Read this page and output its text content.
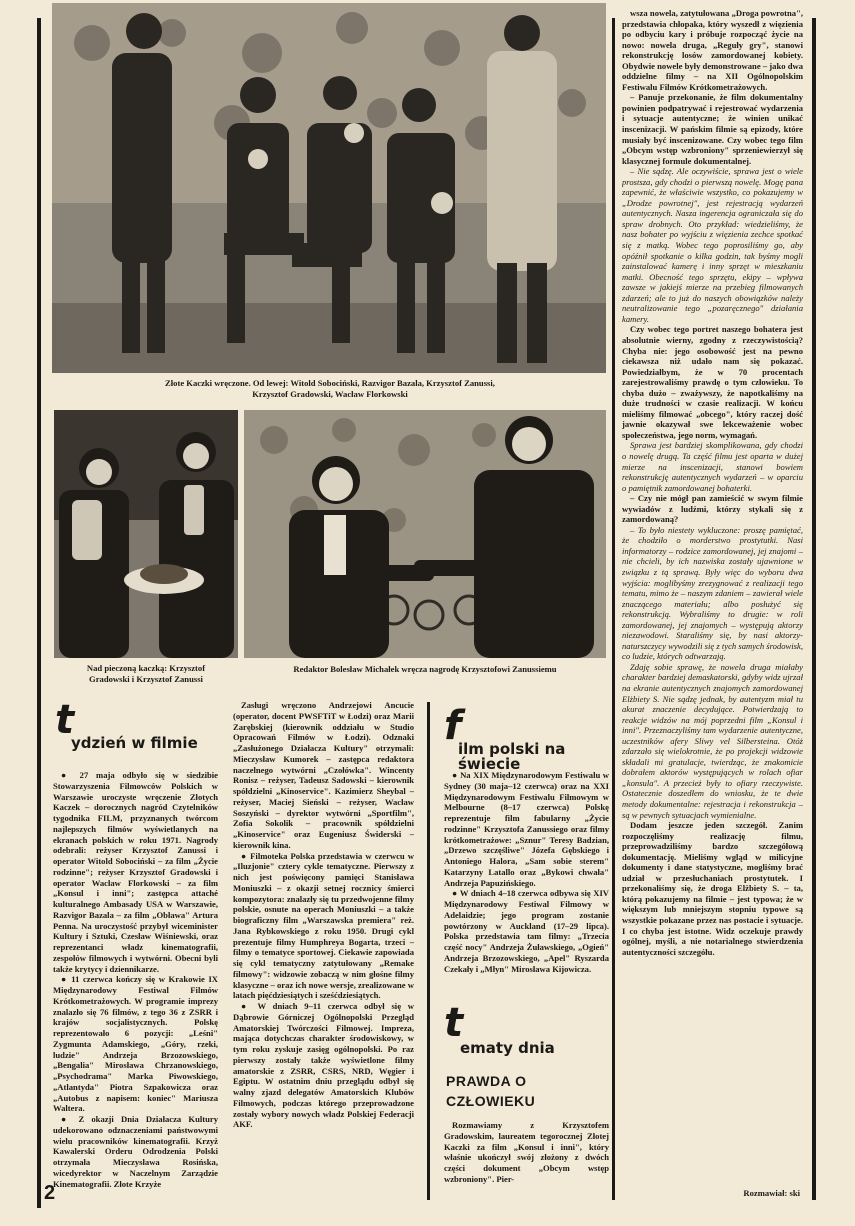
Złote Kaczki wręczone. Od lewej: Witold Sobociński, Razvigor Bazala, Krzysztof Zanussi, Krzysztof Gradowski, Wacław Florkowski
Nad pieczoną kaczką: Krzysztof Gradowski i Krzysztof Zanussi
Redaktor Bolesław Michałek wręcza nagrodę Krzysztofowi Zanussiemu
t
ydzień w filmie	f
ilm polski na świecie
t
ematy dnia
PRAWDA O CZŁOWIEKU

● 27 maja odbyło się w siedzibie Stowarzyszenia Filmowców Polskich w Warszawie uroczyste wręczenie Złotych Kaczek – dorocznych nagród Czytelników tygodnika FILM, przyznanych twórcom najlepszych filmów wyświetlanych na ekranach polskich w roku 1971. Nagrody odebrali: reżyser Krzysztof Zanussi i operator Witold Sobociński – za film „Życie rodzinne"; reżyser Krzysztof Gradowski i operator Wacław Florkowski – za film „Konsul i inni"; zastępca attaché kulturalnego Ambasady USA w Warszawie, Razvigor Bazala – za film „Obława" Artura Penna. Na uroczystość przybył wiceminister Kultury i Sztuki, Czesław Wiśniewski, oraz reprezentanci władz kinematografii, zespołów filmowych i wytwórni. Obecni byli także krytycy i dziennikarze.

● 11 czerwca kończy się w Krakowie IX Międzynarodowy Festiwal Filmów Krótkometrażowych. W programie imprezy znalazło się 76 filmów, z tego 36 z ZSRR i krajów socjalistycznych. Polskę reprezentowało 6 pozycji: „Leśni" Zygmunta Adamskiego, „Góry, rzeki, ludzie" Andrzeja Brzozowskiego, „Bengalia" Mirosława Chrzanowskiego, „Psychodrama" Marka Piwowskiego, „Atlantyda" Piotra Szpakowicza oraz „Autobus z napisem: koniec" Mariusza Waltera.

● Z okazji Dnia Działacza Kultury udekorowano odznaczeniami państwowymi wielu pracowników kinematografii. Krzyż Kawalerski Orderu Odrodzenia Polski otrzymała Mieczysława Rosińska, wicedyrektor w Naczelnym Zarządzie Kinematografii. Złote Krzyże

Zasługi wręczono Andrzejowi Ancucie (operator, docent PWSFTiT w Łodzi) oraz Marii Zarębskiej (kierownik oddziału w Studio Opracowań Filmów w Łodzi). Odznaki „Zasłużonego Działacza Kultury" otrzymali: Mieczysław Kumorek – zastępca redaktora naczelnego wytwórni „Czołówka". Wincenty Ronisz – reżyser, Tadeusz Sadowski – kierownik spółdzielni „Kinoservice". Kazimierz Sheybal – reżyser, Maciej Sieński – reżyser, Wacław Soszyński – dyrektor wytwórni „Sportfilm", Zofia Sokolik – pracownik spółdzielni „Kinoservice" oraz Eugeniusz Świderski – kierownik kina.

● Filmoteka Polska przedstawia w czerwcu w „Iluzjonie" cztery cykle tematyczne. Pierwszy z nich jest poświęcony pamięci Stanisława Moniuszki – z okazji setnej rocznicy śmierci kompozytora: znalazły się tu przedwojenne filmy polskie, osnute na operach Moniuszki – a także biograficzny film „Warszawska premiera" reż. Jana Rybkowskiego z roku 1950. Drugi cykl prezentuje filmy Humphreya Bogarta, trzeci – filmy o tematyce sportowej. Ciekawie zapowiada się cykl tematyczny zatytułowany „Remake filmowy": widzowie zobaczą w nim głośne filmy klasyczne – oraz ich nowe wersje, zrealizowane w latach pięćdziesiątych i sześćdziesiątych.

● W dniach 9–11 czerwca odbył się w Dąbrowie Górniczej Ogólnopolski Przegląd Amatorskiej Twórczości Filmowej. Impreza, mająca dotychczas charakter środowiskowy, w tym roku zyskuje zasięg ogólnopolski. Po raz pierwszy zostały także wyświetlone filmy amatorskie z ZSRR, CSRS, NRD, Węgier i Egiptu. W ostatnim dniu przeglądu odbył się walny zjazd delegatów Amatorskich Klubów Filmowych, podczas którego przeprowadzone zostały wybory nowych władz Polskiej Federacji AKF.

● Na XIX Międzynarodowym Festiwalu w Sydney (30 maja–12 czerwca) oraz na XXI Międzynarodowym Festiwalu Filmowym w Melbourne (8–17 czerwca) Polskę reprezentuje film fabularny „Życie rodzinne" Krzysztofa Zanussiego oraz filmy krótkometrażowe: „Sznur" Teresy Badzian, „Drzewo szczęśliwe" Józefa Gębskiego i Antoniego Halora, „Sam sobie sterem" Katarzyny Latallo oraz „Bykowi chwała" Andrzeja Papuzińskiego.

● W dniach 4–18 czerwca odbywa się XIV Międzynarodowy Festiwal Filmowy w Adelaidzie; jego program zostanie powtórzony w Auckland (17–29 lipca). Polska przedstawia tam filmy: „Trzecia część nocy" Andrzeja Żuławskiego, „Ogień" Andrzeja Brzozowskiego, „Apel" Ryszarda Czekały i „Młyn" Mirosława Kijowicza.

Rozmawiamy z Krzysztofem Gradowskim, laureatem tegorocznej Złotej Kaczki za film „Konsul i inni", który właśnie ukończył swój złożony z dwóch części dokument „Obcym wstęp wzbroniony". Pier-

wsza nowela, zatytułowana „Droga powrotna", przedstawia chłopaka, który wyszedł z więzienia po odbyciu kary i próbuje rozpocząć życie na nowo: nowela druga, „Reguły gry", stanowi rekonstrukcję losów zamordowanej kobiety. Obydwie nowele były demonstrowane – jako dwa oddzielne filmy – na XII Ogólnopolskim Festiwalu Filmów Krótkometrażowych.

– Panuje przekonanie, że film dokumentalny powinien podpatrywać i rejestrować wydarzenia i sytuacje autentyczne; że winien unikać inscenizacji. W pańskim filmie są epizody, które musiały być inscenizowane. Czy wobec tego film „Obcym wstęp wzbroniony" sprzeniewierzył się klasycznej formule dokumentalnej.

– Nie sądzę. Ale oczywiście, sprawa jest o wiele prostsza, gdy chodzi o pierwszą nowelę. Mogę pana zapewnić, że właściwie wszystko, co pokazujemy w „Drodze powrotnej", jest rejestracją wydarzeń autentycznych. Nasza ingerencja ograniczała się do spraw drobnych. Oto przykład: wiedzieliśmy, że nasz bohater po wyjściu z więzienia zechce spotkać się z matką. Wobec tego poprosiliśmy go, aby opóźnił spotkanie o kilka godzin, tak byśmy mogli zainstalować kamerę i inny sprzęt w mieszkaniu matki. Obecność tego sprzętu, ekipy – wpływa zawsze w jakiejś mierze na przebieg filmowanych zdarzeń; ale to już do naszych obowiązków należy neutralizowanie tego „pozaręcznego" działania kamery.

Czy wobec tego portret naszego bohatera jest absolutnie wierny, zgodny z rzeczywistością? Chyba nie: jego osobowość jest na pewno ciekawsza niż udało nam się pokazać. Powiedziałbym, że w 70 procentach zarejestrowaliśmy prawdę o tym człowieku. To chyba dużo – zważywszy, że napotkaliśmy na duże trudności w czasie realizacji. W końcu mieliśmy filmować „obcego", który raczej dość jawnie okazywał swe lekceważenie wobec społeczeństwa, jego norm, wymagań.

Sprawa jest bardziej skomplikowana, gdy chodzi o nowelę drugą. Ta część filmu jest oparta w dużej mierze na inscenizacji, stanowi bowiem rekonstrukcję autentycznych wydarzeń – w oparciu o pamiętnik zamordowanej bohaterki.

– Czy nie mógł pan zamieścić w swym filmie wywiadów z ludźmi, którzy stykali się z zamordowaną?

– To było niestety wykluczone: proszę pamiętać, że chodziło o morderstwo prostytutki. Nasi informatorzy – rodzice zamordowanej, jej znajomi – nie chcieli, by ich nazwiska zostały ujawnione w związku z tą sprawą. Były więc do wyboru dwa wyjścia: moglibyśmy zrezygnować z realizacji tego tematu, mimo że – naszym zdaniem – zawierał wiele znaczącego materiału; albo posłużyć się rekonstrukcją. Wybraliśmy to drugie: w roli zamordowanej, jej znajomych – występują aktorzy niezawodowi. Staraliśmy się, by nasi aktorzy-naturszczycy wywodzili się z tych samych środowisk, co ludzie, których odtwarzają.

Zdaję sobie sprawę, że nowela druga miałaby charakter bardziej demaskatorski, gdyby widz ujrzał na ekranie autentycznych znajomych zamordowanej Elżbiety S. Nie sądzę jednak, by autentyzm miał tu akurat znaczenie decydujące. Potwierdzają to reakcje widzów na mój poprzedni film „Konsul i inni". Przeznaczyliśmy tam wydarzenie autentyczne, uczestników afery Sliwy vel Silbersteina. Otóż zdarzało się wielokrotnie, że po projekcji widzowie składali mi gratulacje, twierdząc, że znakomicie dobrałem aktorów występujących w rolach ofiar „konsula". A przecież były to ofiary rzeczywiste. Ostatecznie doszedłem do wniosku, że te dwie metody dokumentalne: rejestracja i rekonstrukcja – są w pewnych sytuacjach wymienialne.

Dodam jeszcze jeden szczegół. Zanim rozpoczęliśmy realizację filmu, przeprowadziliśmy bardzo szczegółową dokumentację. Mieliśmy wgląd w milicyjne dokumenty i dane statystyczne, mogliśmy brać udział w przesłuchaniach prostytutek. I przekonaliśmy się, że droga Elżbiety S. – ta, którą pokazujemy na filmie – jest typowa; że w większym lub mniejszym stopniu typowe są wszystkie pokazane przez nas postacie i sytuacje. I co chyba jest istotne. Widz oczekuje prawdy ogólnej, myśli, a nie notarialnego stwierdzenia autentyczności szczegółu.

Rozmawiał: ski
2
